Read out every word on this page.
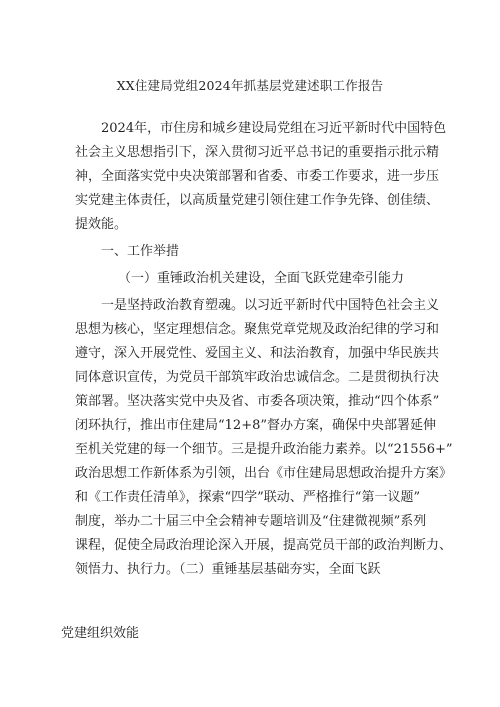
XX住建局党组2024年抓基层党建述职工作报告
2024年，市住房和城乡建设局党组在习近平新时代中国特色
社会主义思想指引下，深入贯彻习近平总书记的重要指示批示精
神，全面落实党中央决策部署和省委、市委工作要求，进一步压
实党建主体责任，以高质量党建引领住建工作争先锋、创佳绩、
提效能。
一、工作举措
（一）重锤政治机关建设，全面飞跃党建牵引能力
一是坚持政治教育塑魂。以习近平新时代中国特色社会主义
思想为核心，坚定理想信念。聚焦党章党规及政治纪律的学习和
遵守，深入开展党性、爱国主义、和法治教育，加强中华民族共
同体意识宣传，为党员干部筑牢政治忠诚信念。二是贯彻执行决
策部署。坚决落实党中央及省、市委各项决策，推动“四个体系”
闭环执行，推出市住建局“12+8”督办方案，确保中央部署延伸
至机关党建的每一个细节。三是提升政治能力素养。以“21556+”
政治思想工作新体系为引领，出台《市住建局思想政治提升方案》
和《工作责任清单》，探索“四学”联动、严格推行“第一议题”
制度，举办二十届三中全会精神专题培训及“住建微视频”系列
课程，促使全局政治理论深入开展，提高党员干部的政治判断力、
领悟力、执行力。（二）重锤基层基础夯实，全面飞跃
党建组织效能
